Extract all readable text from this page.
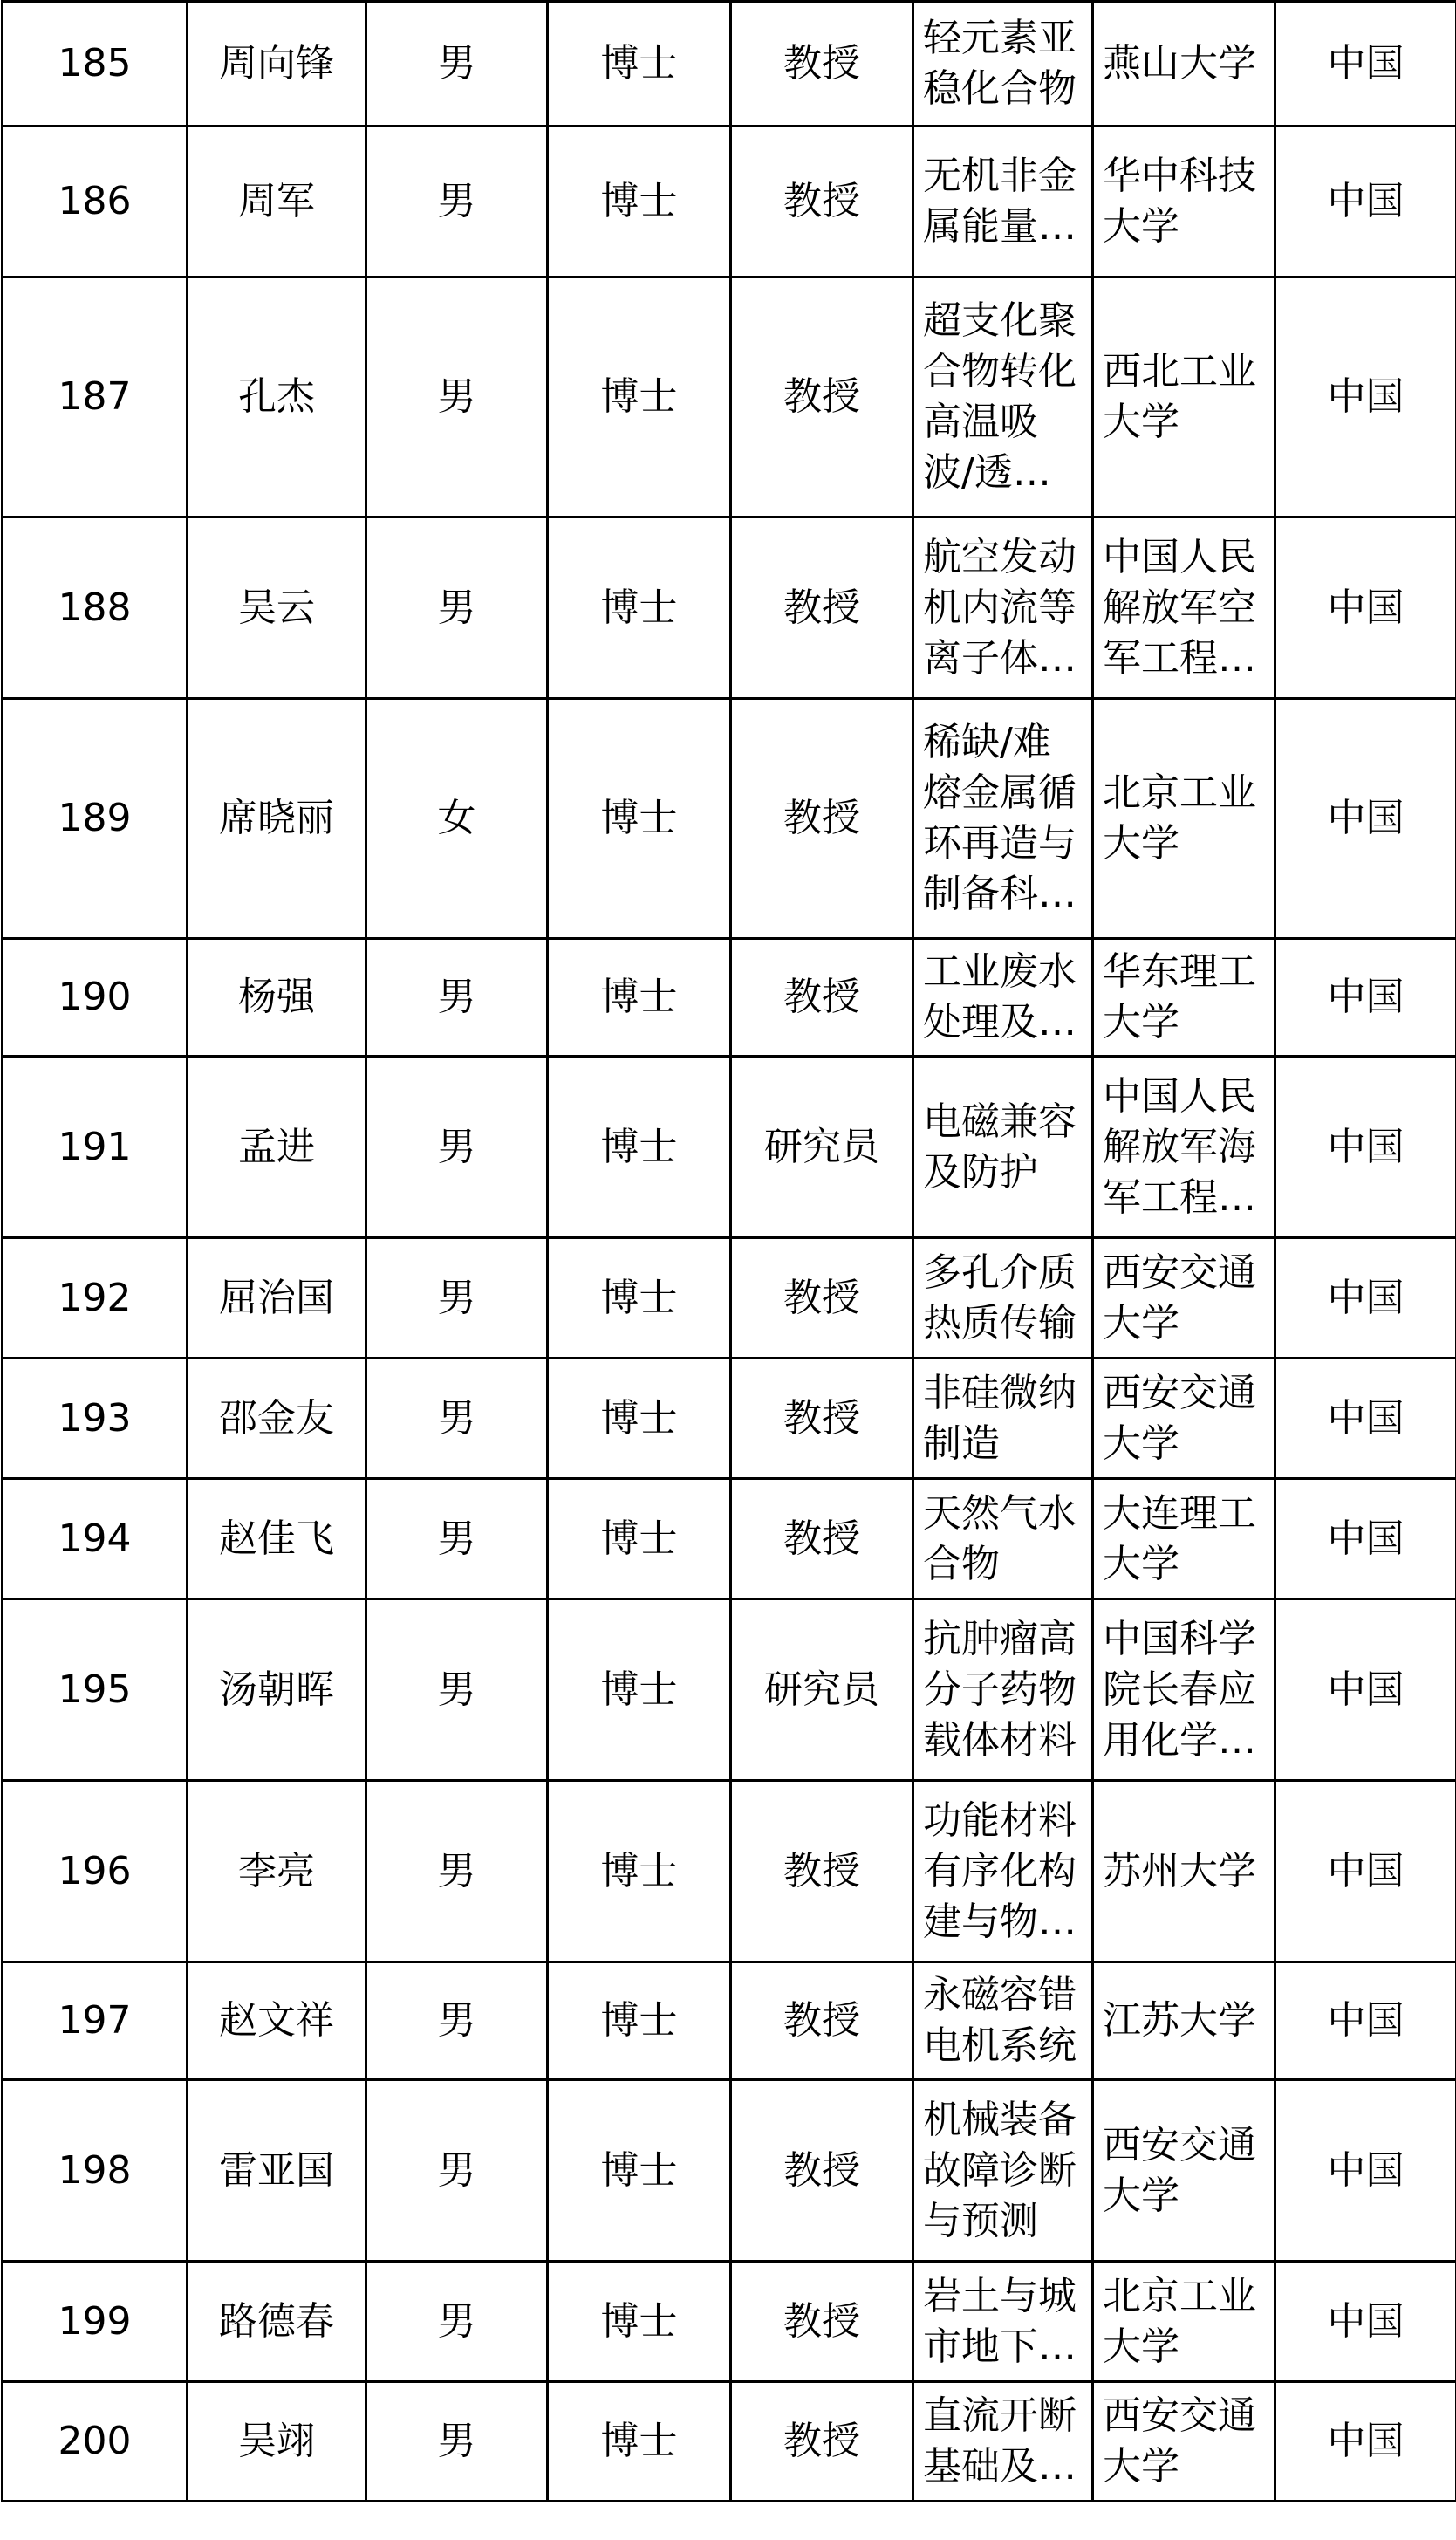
185	周向锋	男	博士	教授	轻元素亚稳化合物	燕山大学	中国
186	周军	男	博士	教授	无机非金属能量转	华中科技大学	中国
187	孔杰	男	博士	教授	超支化聚合物转化高温吸波/透波	西北工业大学	中国
188	吴云	男	博士	教授	航空发动机内流等离子体激	中国人民解放军空军工程大	中国
189	席晓丽	女	博士	教授	稀缺/难熔金属循环再造与制备科学	北京工业大学	中国
190	杨强	男	博士	教授	工业废水处理及资	华东理工大学	中国
191	孟进	男	博士	研究员	电磁兼容及防护	中国人民解放军海军工程大	中国
192	屈治国	男	博士	教授	多孔介质热质传输	西安交通大学	中国
193	邵金友	男	博士	教授	非硅微纳制造	西安交通大学	中国
194	赵佳飞	男	博士	教授	天然气水合物	大连理工大学	中国
195	汤朝晖	男	博士	研究员	抗肿瘤高分子药物载体材料	中国科学院长春应用化学研	中国
196	李亮	男	博士	教授	功能材料有序化构建与物性	苏州大学	中国
197	赵文祥	男	博士	教授	永磁容错电机系统	江苏大学	中国
198	雷亚国	男	博士	教授	机械装备故障诊断与预测	西安交通大学	中国
199	路德春	男	博士	教授	岩土与城市地下工	北京工业大学	中国
200	吴翊	男	博士	教授	直流开断基础及其	西安交通大学	中国
